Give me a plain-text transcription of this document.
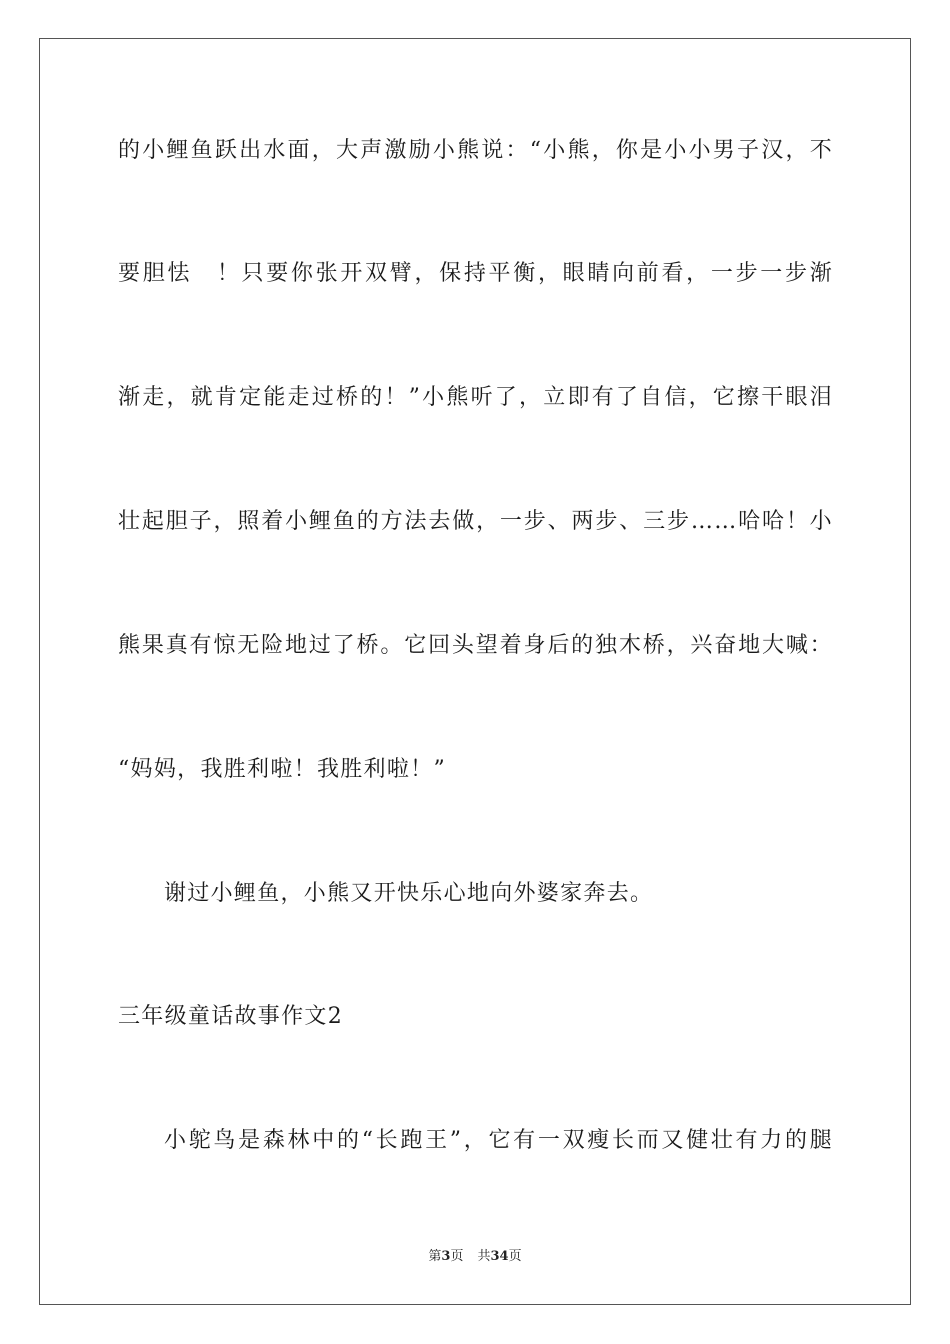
的小鲤鱼跃出水面，大声激励小熊说：“小熊，你是小小男子汉，不
要胆怯　！只要你张开双臂，保持平衡，眼睛向前看，一步一步渐
渐走，就肯定能走过桥的！”小熊听了，立即有了自信，它擦干眼泪
壮起胆子，照着小鲤鱼的方法去做，一步、两步、三步……哈哈！小
熊果真有惊无险地过了桥。它回头望着身后的独木桥，兴奋地大喊：
“妈妈，我胜利啦！我胜利啦！”
谢过小鲤鱼，小熊又开快乐心地向外婆家奔去。
三年级童话故事作文2
小鸵鸟是森林中的“长跑王”，它有一双瘦长而又健壮有力的腿
第3页 共34页
